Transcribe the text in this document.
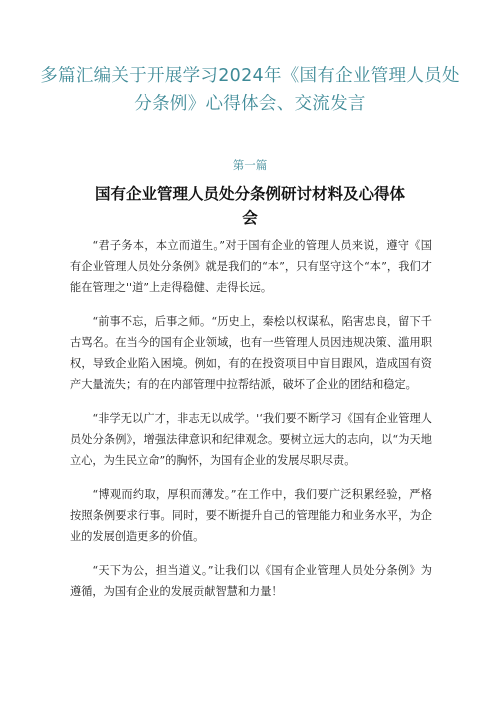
多篇汇编关于开展学习2024年《国有企业管理人员处分条例》心得体会、交流发言
第一篇
国有企业管理人员处分条例研讨材料及心得体会

“君子务本，本立而道生。”对于国有企业的管理人员来说，遵守《国有企业管理人员处分条例》就是我们的“本”，只有坚守这个“本”，我们才能在管理之''道”上走得稳健、走得长远。

“前事不忘，后事之师。“历史上，秦桧以权谋私，陷害忠良，留下千古骂名。在当今的国有企业领域，也有一些管理人员因违规决策、滥用职权，导致企业陷入困境。例如，有的在投资项目中盲目跟风，造成国有资产大量流失；有的在内部管理中拉帮结派，破坏了企业的团结和稳定。

“非学无以广才，非志无以成学。'‘我们要不断学习《国有企业管理人员处分条例》，增强法律意识和纪律观念。要树立远大的志向，以“为天地立心，为生民立命”的胸怀，为国有企业的发展尽职尽责。

“博观而约取，厚积而薄发。”在工作中，我们要广泛积累经验，严格按照条例要求行事。同时，要不断提升自己的管理能力和业务水平，为企业的发展创造更多的价值。

“天下为公，担当道义。”让我们以《国有企业管理人员处分条例》为遵循，为国有企业的发展贡献智慧和力量！
